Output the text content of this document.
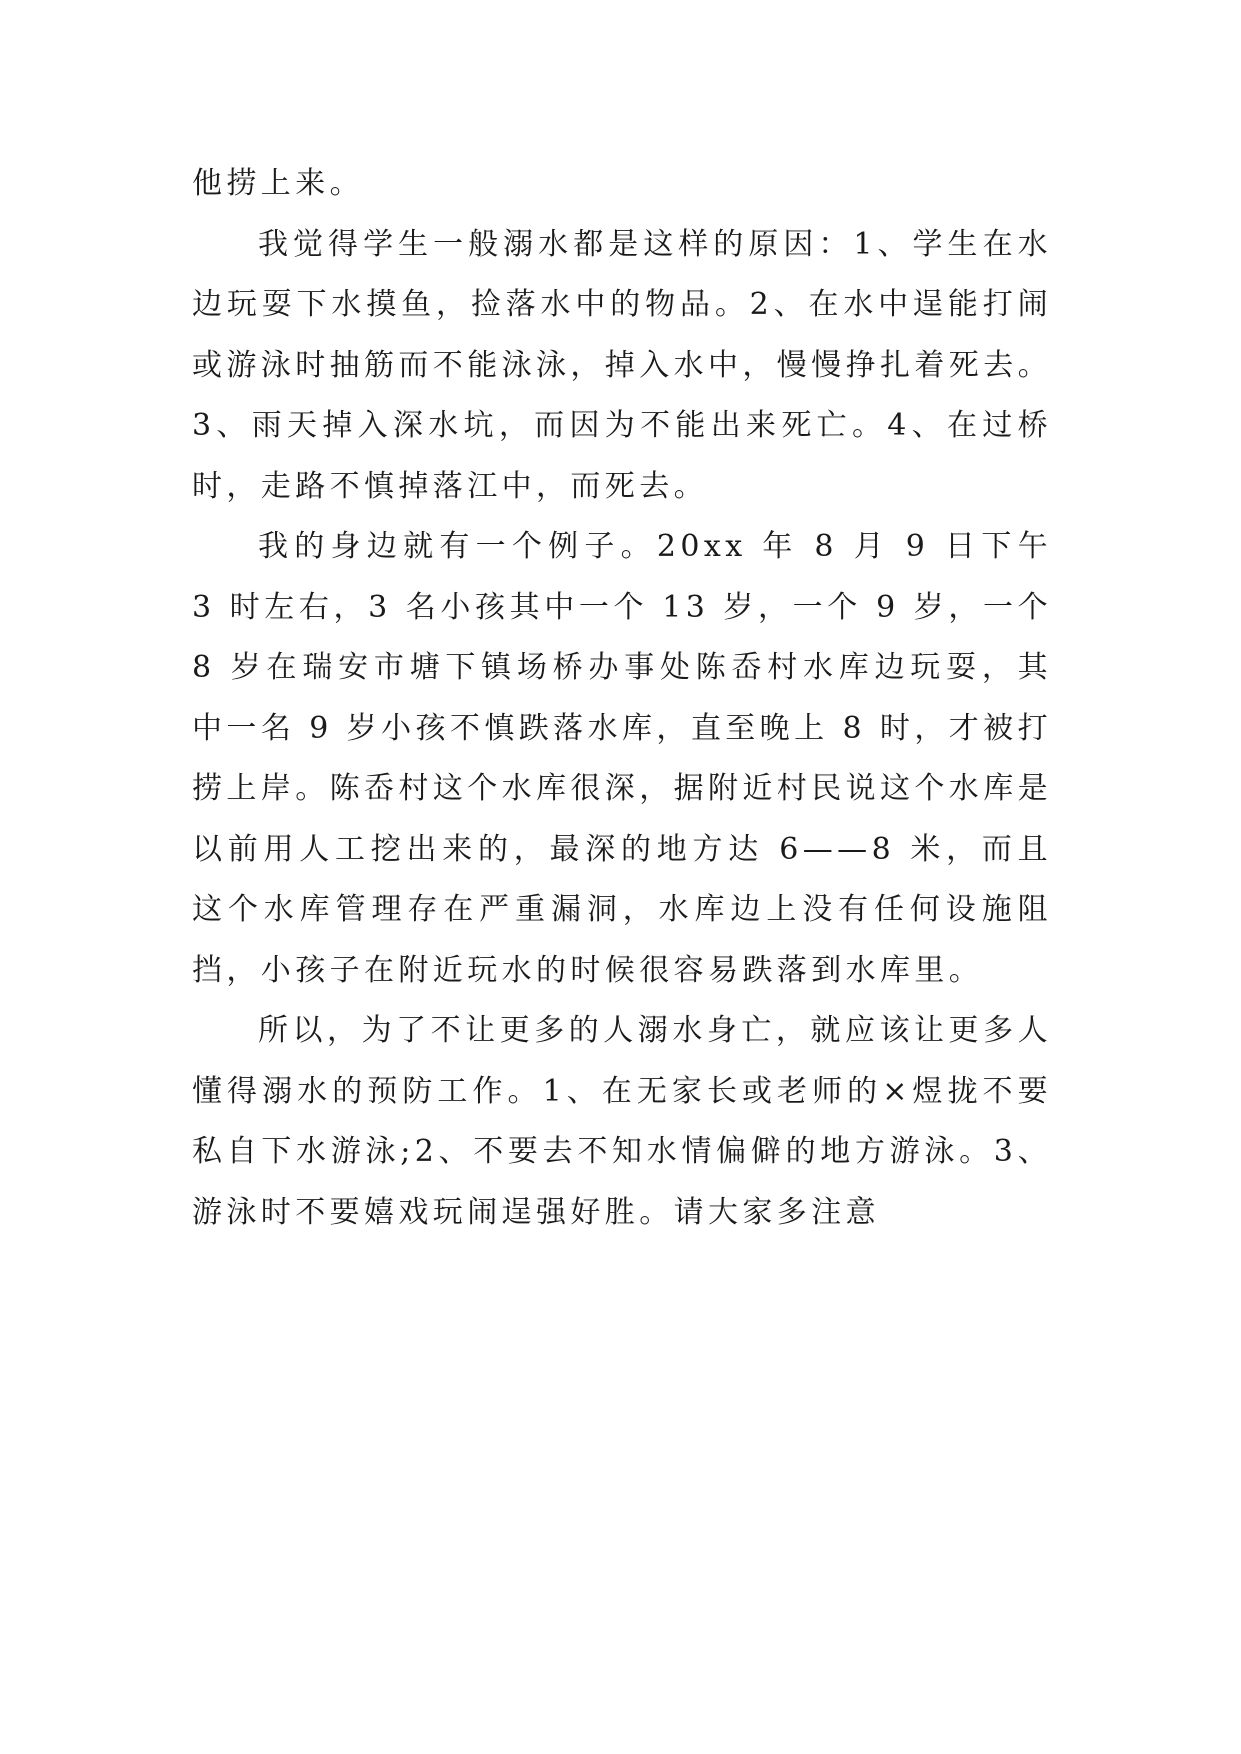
他捞上来。

我觉得学生一般溺水都是这样的原因：1、学生在水边玩耍下水摸鱼，捡落水中的物品。2、在水中逞能打闹或游泳时抽筋而不能泳泳，掉入水中，慢慢挣扎着死去。3、雨天掉入深水坑，而因为不能出来死亡。4、在过桥时，走路不慎掉落江中，而死去。

我的身边就有一个例子。20xx 年 8 月 9 日下午 3 时左右，3 名小孩其中一个 13 岁，一个 9 岁，一个 8 岁在瑞安市塘下镇场桥办事处陈岙村水库边玩耍，其中一名 9 岁小孩不慎跌落水库，直至晚上 8 时，才被打捞上岸。陈岙村这个水库很深，据附近村民说这个水库是以前用人工挖出来的，最深的地方达 6——8 米，而且这个水库管理存在严重漏洞，水库边上没有任何设施阻挡，小孩子在附近玩水的时候很容易跌落到水库里。

所以，为了不让更多的人溺水身亡，就应该让更多人懂得溺水的预防工作。1、在无家长或老师的×煜拢不要私自下水游泳;2、不要去不知水情偏僻的地方游泳。3、游泳时不要嬉戏玩闹逞强好胜。请大家多注意
